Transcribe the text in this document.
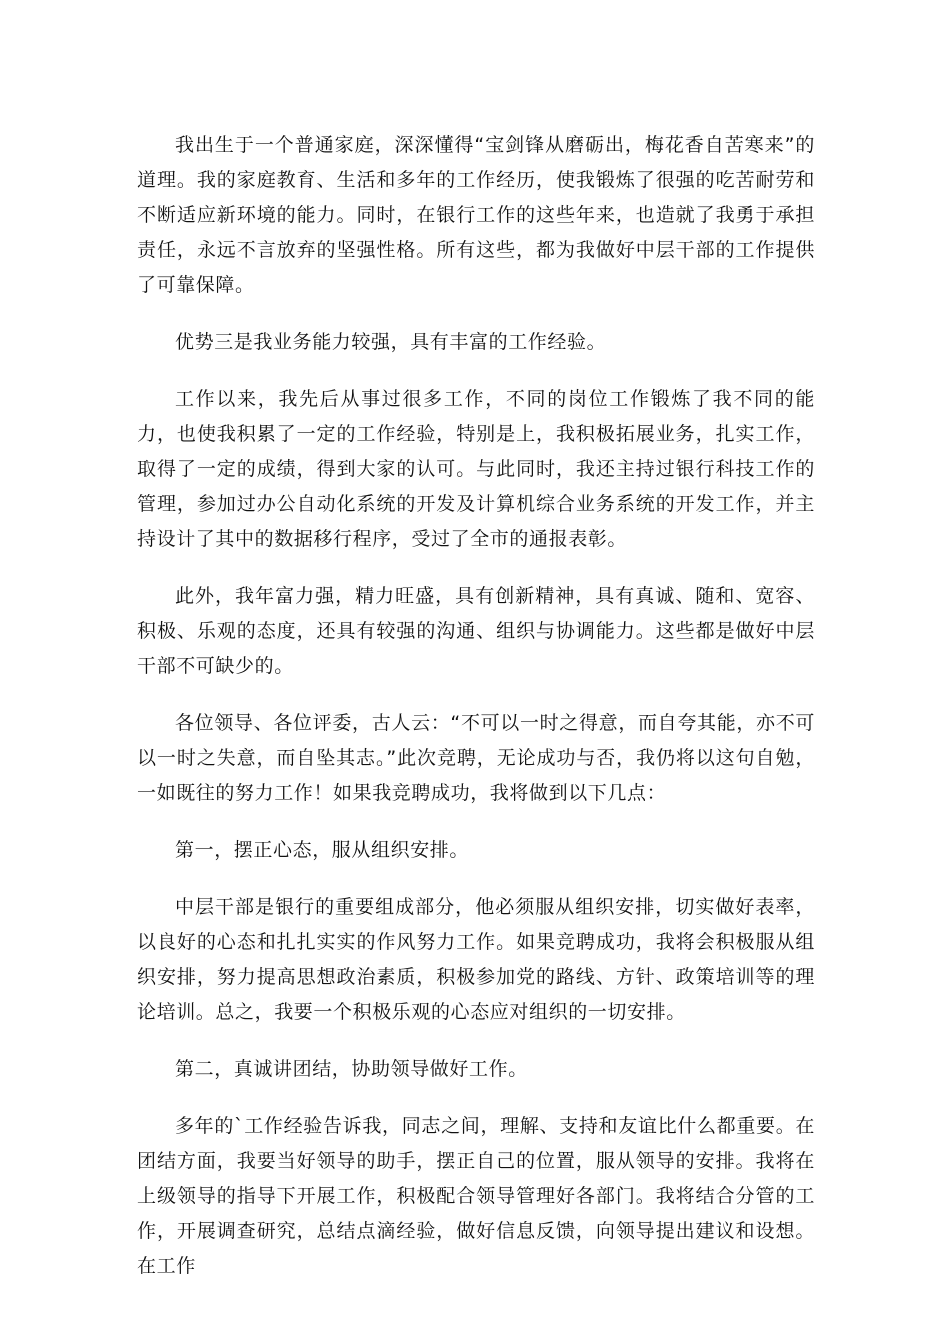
我出生于一个普通家庭，深深懂得“宝剑锋从磨砺出，梅花香自苦寒来”的道理。我的家庭教育、生活和多年的工作经历，使我锻炼了很强的吃苦耐劳和不断适应新环境的能力。同时，在银行工作的这些年来，也造就了我勇于承担责任，永远不言放弃的坚强性格。所有这些，都为我做好中层干部的工作提供了可靠保障。

优势三是我业务能力较强，具有丰富的工作经验。

工作以来，我先后从事过很多工作，不同的岗位工作锻炼了我不同的能力，也使我积累了一定的工作经验，特别是上，我积极拓展业务，扎实工作，取得了一定的成绩，得到大家的认可。与此同时，我还主持过银行科技工作的管理，参加过办公自动化系统的开发及计算机综合业务系统的开发工作，并主持设计了其中的数据移行程序，受过了全市的通报表彰。

此外，我年富力强，精力旺盛，具有创新精神，具有真诚、随和、宽容、积极、乐观的态度，还具有较强的沟通、组织与协调能力。这些都是做好中层干部不可缺少的。

各位领导、各位评委，古人云：“不可以一时之得意，而自夸其能，亦不可以一时之失意，而自坠其志。”此次竞聘，无论成功与否，我仍将以这句自勉，一如既往的努力工作！如果我竞聘成功，我将做到以下几点：

第一，摆正心态，服从组织安排。

中层干部是银行的重要组成部分，他必须服从组织安排，切实做好表率，以良好的心态和扎扎实实的作风努力工作。如果竞聘成功，我将会积极服从组织安排，努力提高思想政治素质，积极参加党的路线、方针、政策培训等的理论培训。总之，我要一个积极乐观的心态应对组织的一切安排。

第二，真诚讲团结，协助领导做好工作。

多年的`工作经验告诉我，同志之间，理解、支持和友谊比什么都重要。在团结方面，我要当好领导的助手，摆正自己的位置，服从领导的安排。我将在上级领导的指导下开展工作，积极配合领导管理好各部门。我将结合分管的工作，开展调查研究，总结点滴经验，做好信息反馈，向领导提出建议和设想。在工作
